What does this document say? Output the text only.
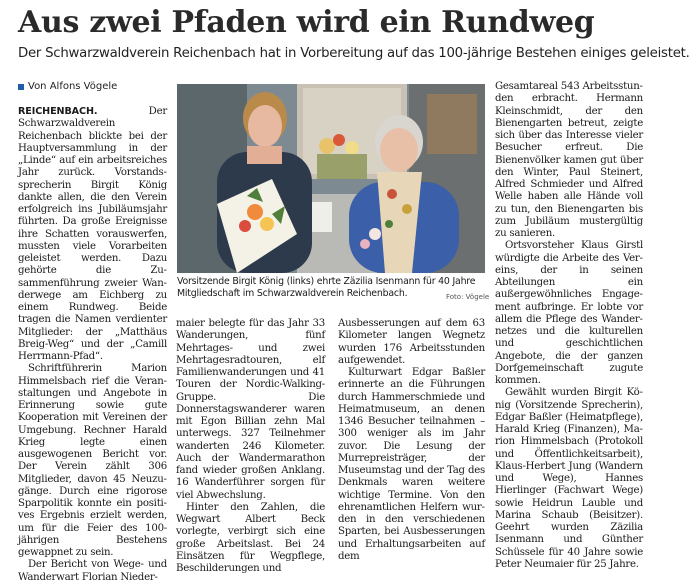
Aus zwei Pfaden wird ein Rundweg
Der Schwarzwaldverein Reichenbach hat in Vorbereitung auf das 100-jährige Bestehen einiges geleistet.
Von Alfons Vögele

REICHENBACH. Der Schwarzwaldverein Reichenbach blickte bei der Hauptversammlung in der „Linde“ auf ein arbeitsreiches Jahr zurück. Vorstandssprecherin Birgit König dankte allen, die den Verein erfolgreich ins Jubiläumsjahr führten. Da große Ereignisse ihre Schatten vorauswerfen, mussten viele Vorarbeiten geleistet werden. Dazu gehörte die Zusammenführung zweier Wanderwege am Eichberg zu einem Rundweg. Beide tragen die Namen verdienter Mitglieder: der „Matthäus Breig-Weg“ und der „Camill Herrmann-Pfad“.

Schriftführerin Marion Himmelsbach rief die Veranstaltungen und Angebote in Erinnerung sowie gute Kooperation mit Vereinen der Umgebung. Rechner Harald Krieg legte einen ausgewogenen Bericht vor. Der Verein zählt 306 Mitglieder, davon 45 Neuzugänge. Durch eine rigorose Sparpolitik konnte ein positives Ergebnis erzielt werden, um für die Feier des 100-jährigen Bestehens gewappnet zu sein.

Der Bericht von Wege- und Wanderwart Florian Nieder-

Vorsitzende Birgit König (links) ehrte Zäzilia Isenmann für 40 Jahre Mitgliedschaft im Schwarzwaldverein Reichenbach.	Foto: Vögele

maier belegte für das Jahr 33 Wanderungen, fünf Mehrtages- und zwei Mehrtagesradtouren, elf Familienwanderungen und 41 Touren der Nordic-Walking-Gruppe. Die Donnerstagswanderer waren mit Egon Billian zehn Mal unterwegs. 327 Teilnehmer wanderten 246 Kilometer. Auch der Wandermarathon fand wieder großen Anklang. 16 Wanderführer sorgen für viel Abwechslung.

Hinter den Zahlen, die Wegwart Albert Beck vorlegte, verbirgt sich eine große Arbeitslast. Bei 24 Einsätzen für Wegpflege, Beschilderungen und

Ausbesserungen auf dem 63 Kilometer langen Wegnetz wurden 176 Arbeitsstunden aufgewendet.

Kulturwart Edgar Baßler erinnerte an die Führungen durch Hammerschmiede und Heimatmuseum, an denen 1346 Besucher teilnahmen – 300 weniger als im Jahr zuvor. Die Lesung der Murrepreisträger, der Museumstag und der Tag des Denkmals waren weitere wichtige Termine. Von den ehrenamtlichen Helfern wurden in den verschiedenen Sparten, bei Ausbesserungen und Erhaltungsarbeiten auf dem

Gesamtareal 543 Arbeitsstunden erbracht. Hermann Kleinschmidt, der den Bienengarten betreut, zeigte sich über das Interesse vieler Besucher erfreut. Die Bienenvölker kamen gut über den Winter, Paul Steinert, Alfred Schmieder und Alfred Welle haben alle Hände voll zu tun, den Bienengarten bis zum Jubiläum mustergültig zu sanieren.

Ortsvorsteher Klaus Girstl würdigte die Arbeite des Vereins, der in seinen Abteilungen ein außergewöhnliches Engagement aufbringe. Er lobte vor allem die Pflege des Wandernetzes und die kulturellen und geschichtlichen Angebote, die der ganzen Dorfgemeinschaft zugute kommen.

Gewählt wurden Birgit König (Vorsitzende Sprecherin), Edgar Baßler (Heimatpflege), Harald Krieg (Finanzen), Marion Himmelsbach (Protokoll und Öffentlichkeitsarbeit), Klaus-Herbert Jung (Wandern und Wege), Hannes Hierlinger (Fachwart Wege) sowie Heidrun Lauble und Marina Schaub (Beisitzer). Geehrt wurden Zäzilia Isenmann und Günther Schüssele für 40 Jahre sowie Peter Neumaier für 25 Jahre.
